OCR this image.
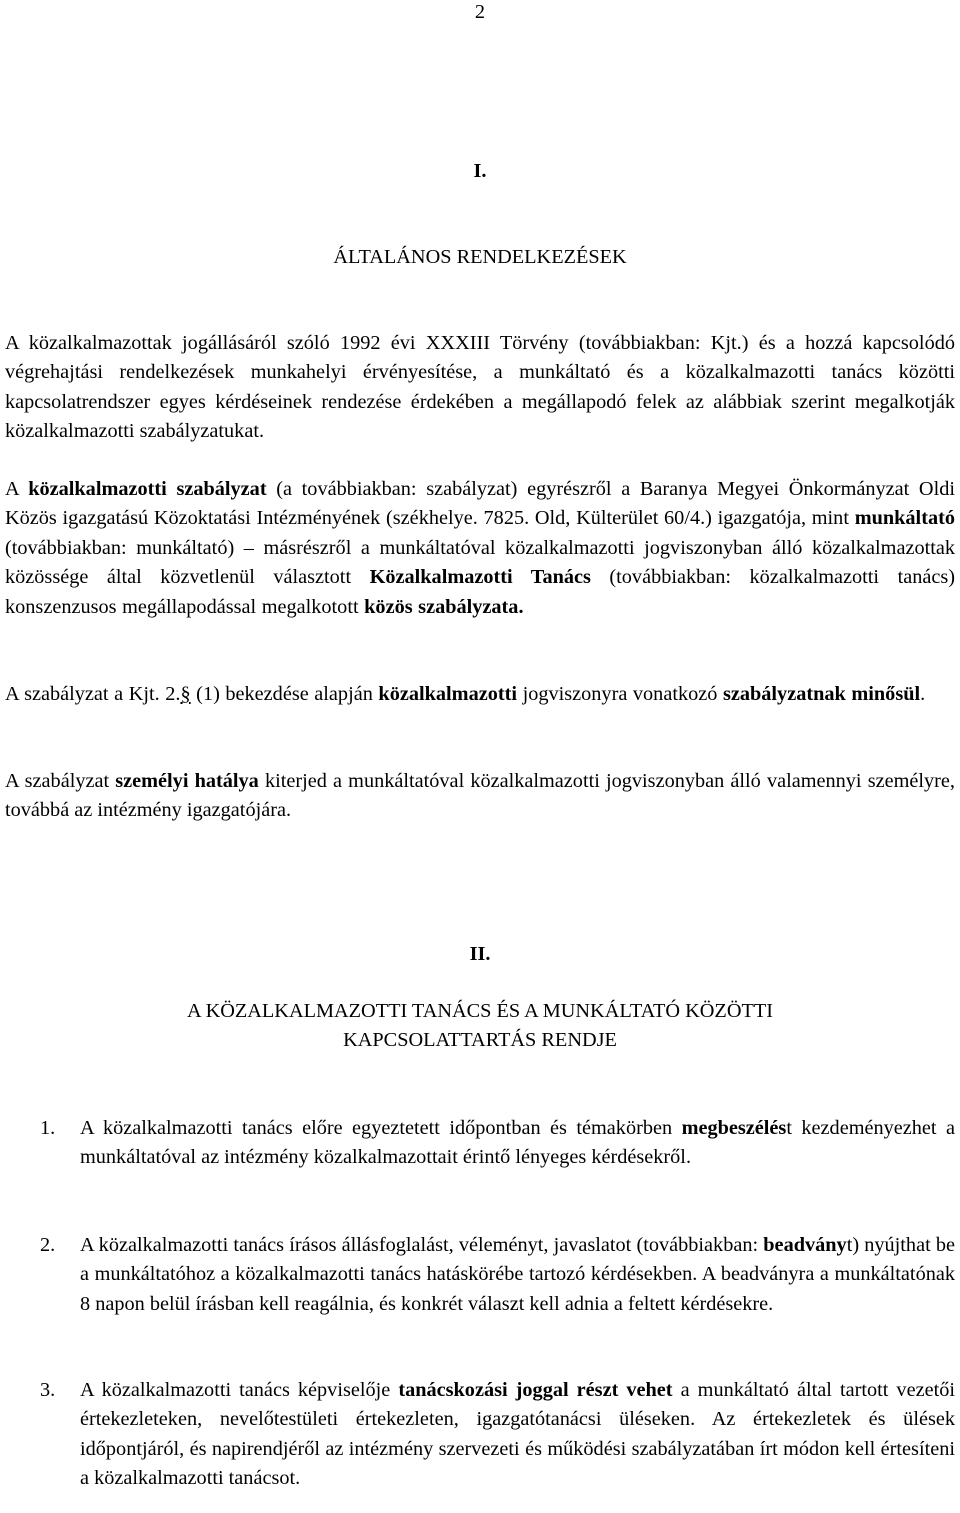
2
I.
ÁLTALÁNOS RENDELKEZÉSEK
A közalkalmazottak jogállásáról szóló 1992 évi XXXIII Törvény (továbbiakban: Kjt.) és a hozzá kapcsolódó végrehajtási rendelkezések munkahelyi érvényesítése, a munkáltató és a közalkalmazotti tanács közötti kapcsolatrendszer egyes kérdéseinek rendezése érdekében a megállapodó felek az alábbiak szerint megalkotják közalkalmazotti szabályzatukat.
A közalkalmazotti szabályzat (a továbbiakban: szabályzat) egyrészről a Baranya Megyei Önkormányzat Oldi Közös igazgatású Közoktatási Intézményének (székhelye. 7825. Old, Külterület 60/4.) igazgatója, mint munkáltató (továbbiakban: munkáltató) – másrészről a munkáltatóval közalkalmazotti jogviszonyban álló közalkalmazottak közössége által közvetlenül választott Közalkalmazotti Tanács (továbbiakban: közalkalmazotti tanács) konszenzusos megállapodással megalkotott közös szabályzata.
A szabályzat a Kjt. 2.§ (1) bekezdése alapján közalkalmazotti jogviszonyra vonatkozó szabályzatnak minősül.
A szabályzat személyi hatálya kiterjed a munkáltatóval közalkalmazotti jogviszonyban álló valamennyi személyre, továbbá az intézmény igazgatójára.
II.
A KÖZALKALMAZOTTI TANÁCS ÉS A MUNKÁLTATÓ KÖZÖTTI
KAPCSOLATTARTÁS RENDJE
1. A közalkalmazotti tanács előre egyeztetett időpontban és témakörben megbeszélést kezdeményezhet a munkáltatóval az intézmény közalkalmazottait érintő lényeges kérdésekről.
2. A közalkalmazotti tanács írásos állásfoglalást, véleményt, javaslatot (továbbiakban: beadványt) nyújthat be a munkáltatóhoz a közalkalmazotti tanács hatáskörébe tartozó kérdésekben. A beadványra a munkáltatónak 8 napon belül írásban kell reagálnia, és konkrét választ kell adnia a feltett kérdésekre.
3. A közalkalmazotti tanács képviselője tanácskozási joggal részt vehet a munkáltató által tartott vezetői értekezleteken, nevelőtestületi értekezleten, igazgatótanácsi üléseken. Az értekezletek és ülések időpontjáról, és napirendjéről az intézmény szervezeti és működési szabályzatában írt módon kell értesíteni a közalkalmazotti tanácsot.
